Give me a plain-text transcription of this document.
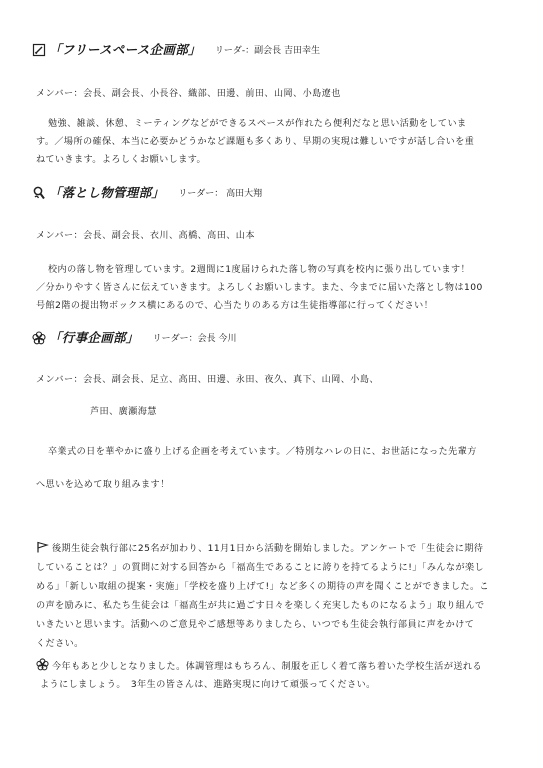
「フリースペース企画部」 リーダ-：副会長 吉田幸生
メンバー：会長、副会長、小長谷、織部、田邊、前田、山岡、小島遼也
勉強、雑談、休憩、ミーティングなどができるスペースが作れたら便利だなと思い活動をしていま
す。／場所の確保、本当に必要かどうかなど課題も多くあり、早期の実現は難しいですが話し合いを重
ねていきます。よろしくお願いします。
「落とし物管理部」 リーダー： 高田大翔
メンバー：会長、副会長、衣川、高橋、高田、山本
校内の落し物を管理しています。2週間に1度届けられた落し物の写真を校内に張り出しています！
／分かりやすく皆さんに伝えていきます。よろしくお願いします。また、今までに届いた落とし物は100
号館2階の提出物ボックス横にあるので、心当たりのある方は生徒指導部に行ってください！
「行事企画部」 リーダー：会長 今川
メンバー：会長、副会長、足立、高田、田邊、永田、夜久、真下、山岡、小島、
芦田、廣瀬海慧
卒業式の日を華やかに盛り上げる企画を考えています。／特別なハレの日に、お世話になった先輩方
へ思いを込めて取り組みます！
後期生徒会執行部に25名が加わり、11月1日から活動を開始しました。アンケートで「生徒会に期待
していることは？」の質問に対する回答から「福高生であることに誇りを持てるように!」「みんなが楽し
める」「新しい取組の提案・実施」「学校を盛り上げて!」など多くの期待の声を聞くことができました。こ
の声を励みに、私たち生徒会は「福高生が共に過ごす日々を楽しく充実したものになるよう」取り組んで
いきたいと思います。活動へのご意見やご感想等ありましたら、いつでも生徒会執行部員に声をかけて
ください。
今年もあと少しとなりました。体調管理はもちろん、制服を正しく着て落ち着いた学校生活が送れる
ようにしましょう。　3年生の皆さんは、進路実現に向けて頑張ってください。
